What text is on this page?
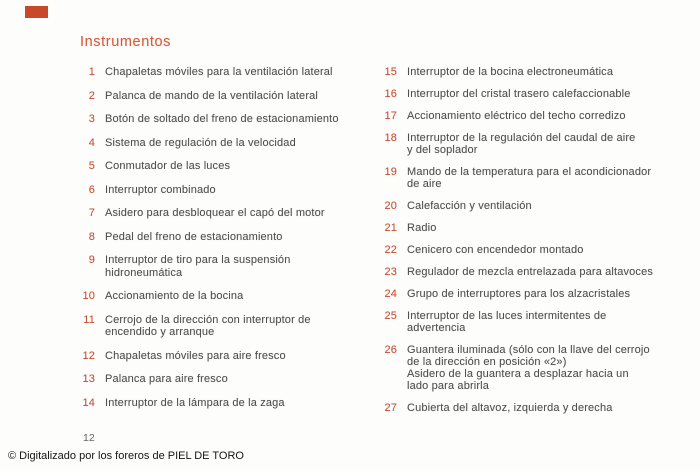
Instrumentos
1 Chapaletas móviles para la ventilación lateral
2 Palanca de mando de la ventilación lateral
3 Botón de soltado del freno de estacionamiento
4 Sistema de regulación de la velocidad
5 Conmutador de las luces
6 Interruptor combinado
7 Asidero para desbloquear el capó del motor
8 Pedal del freno de estacionamiento
9 Interruptor de tiro para la suspensión
hidroneumática
10 Accionamiento de la bocina
11 Cerrojo de la dirección con interruptor de
encendido y arranque
12 Chapaletas móviles para aire fresco
13 Palanca para aire fresco
14 Interruptor de la lámpara de la zaga
15 Interruptor de la bocina electroneumática
16 Interruptor del cristal trasero calefaccionable
17 Accionamiento eléctrico del techo corredizo
18 Interruptor de la regulación del caudal de aire
y del soplador
19 Mando de la temperatura para el acondicionador
de aire
20 Calefacción y ventilación
21 Radio
22 Cenicero con encendedor montado
23 Regulador de mezcla entrelazada para altavoces
24 Grupo de interruptores para los alzacristales
25 Interruptor de las luces intermitentes de
advertencia
26 Guantera iluminada (sólo con la llave del cerrojo
de la dirección en posición «2»)
Asidero de la guantera a desplazar hacia un
lado para abrirla
27 Cubierta del altavoz, izquierda y derecha
12
© Digitalizado por los foreros de PIEL DE TORO
